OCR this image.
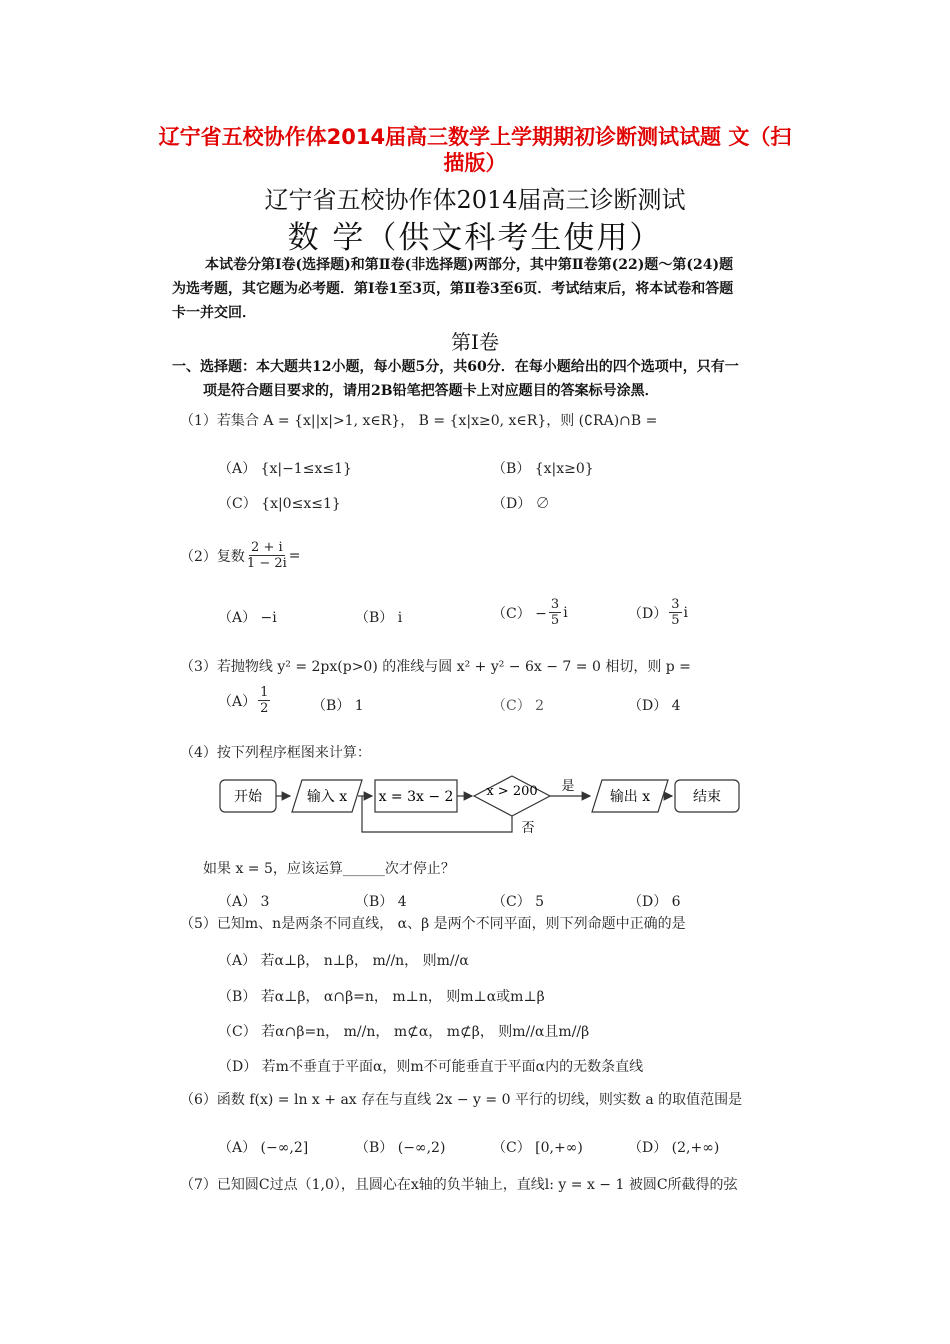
辽宁省五校协作体2014届高三数学上学期期初诊断测试试题 文（扫
描版）
辽宁省五校协作体2014届高三诊断测试
数 学（供文科考生使用）
本试卷分第Ⅰ卷(选择题)和第Ⅱ卷(非选择题)两部分，其中第Ⅱ卷第(22)题～第(24)题
为选考题，其它题为必考题．第Ⅰ卷1至3页，第Ⅱ卷3至6页．考试结束后，将本试卷和答题
卡一并交回．
第Ⅰ卷
一、选择题：本大题共12小题，每小题5分，共60分．在每小题给出的四个选项中，只有一
项是符合题目要求的，请用2B铅笔把答题卡上对应题目的答案标号涂黑．
（1）若集合 A = {x||x|>1, x∈R}， B = {x|x≥0, x∈R}，则 (∁RA)∩B =
（A） {x|−1≤x≤1}	（B） {x|x≥0}
（C） {x|0≤x≤1}	（D） ∅
（2）复数 $\frac{2 + i}{1 - 2i}$ =
（A） −i	（B） i	$(C) - \frac{3}{5}$ i	$(D) \frac{3}{5}$ i
（3）若抛物线 y² = 2px(p>0) 的准线与圆 x² + y² − 6x − 7 = 0 相切，则 p =
$(A) \frac{1}{2}$	（B） 1	（C） 2	（D） 4
（4）按下列程序框图来计算：
开始	输入 x x = 3x − 2	x > 200 是
输出 x	结束
否
如果 x = 5，应该运算______次才停止？
（A） 3	（B） 4	（C） 5	（D） 6
（5）已知m、n是两条不同直线， α、β 是两个不同平面，则下列命题中正确的是
（A） 若α⊥β， n⊥β， m//n， 则m//α
（B） 若α⊥β， α∩β=n， m⊥n， 则m⊥α或m⊥β
（C） 若α∩β=n， m//n， m⊄α， m⊄β， 则m//α且m//β
（D） 若m不垂直于平面α，则m不可能垂直于平面α内的无数条直线
（6）函数 f(x) = ln x + ax 存在与直线 2x − y = 0 平行的切线，则实数 a 的取值范围是
（A） (−∞,2]	（B） (−∞,2)	（C） [0,+∞)	（D） (2,+∞)
（7）已知圆C过点（1,0），且圆心在x轴的负半轴上，直线l: y = x − 1 被圆C所截得的弦
